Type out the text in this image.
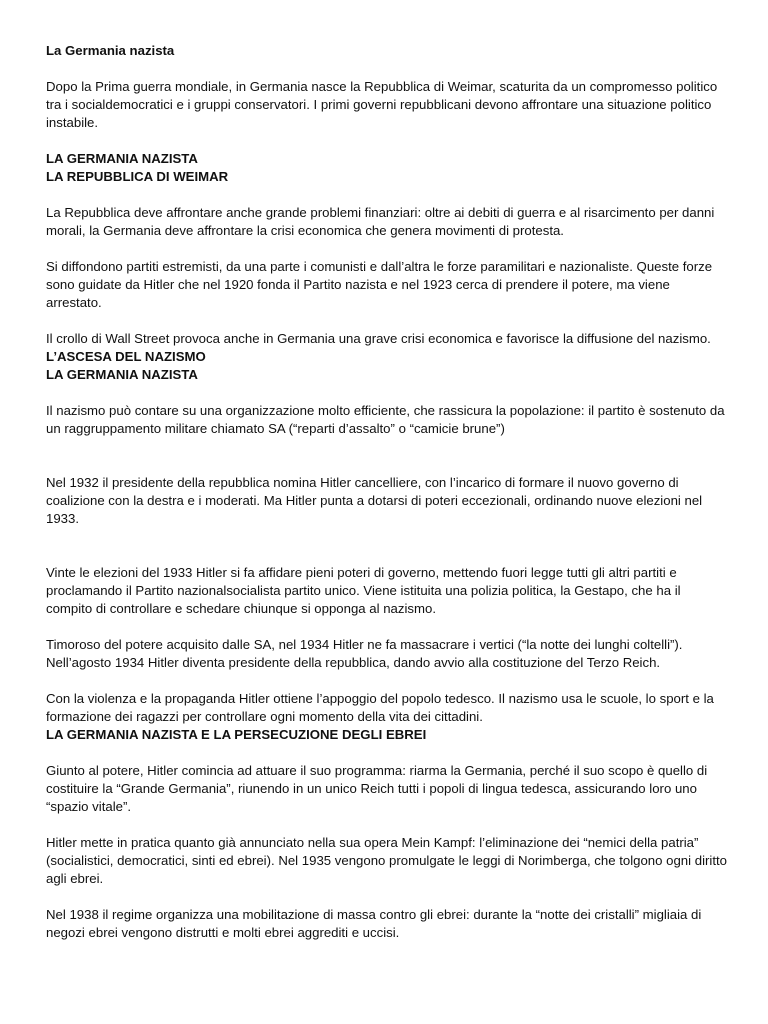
La Germania nazista

Dopo la Prima guerra mondiale, in Germania nasce la Repubblica di Weimar, scaturita da un compromesso politico tra i socialdemocratici e i gruppi conservatori. I primi governi repubblicani devono affrontare una situazione politico instabile.

LA GERMANIA NAZISTA

LA REPUBBLICA DI WEIMAR

La Repubblica deve affrontare anche grande problemi finanziari: oltre ai debiti di guerra e al risarcimento per danni morali, la Germania deve affrontare la crisi economica che genera movimenti di protesta.

Si diffondono partiti estremisti, da una parte i comunisti e dall’altra le forze paramilitari e nazionaliste. Queste forze sono guidate da Hitler che nel 1920 fonda il Partito nazista e nel 1923 cerca di prendere il potere, ma viene arrestato.

Il crollo di Wall Street provoca anche in Germania una grave crisi economica e favorisce la diffusione del nazismo.

L’ASCESA DEL NAZISMO

LA GERMANIA NAZISTA

Il nazismo può contare su una organizzazione molto efficiente, che rassicura la popolazione: il partito è sostenuto da un raggruppamento militare chiamato SA (“reparti d’assalto” o “camicie brune”)

Nel 1932 il presidente della repubblica nomina Hitler cancelliere, con l’incarico di formare il nuovo governo di coalizione con la destra e i moderati. Ma Hitler punta a dotarsi di poteri eccezionali, ordinando nuove elezioni nel 1933.

Vinte le elezioni del 1933 Hitler si fa affidare pieni poteri di governo, mettendo fuori legge tutti gli altri partiti e proclamando il Partito nazionalsocialista partito unico. Viene istituita una polizia politica, la Gestapo, che ha il compito di controllare e schedare chiunque si opponga al nazismo.

Timoroso del potere acquisito dalle SA, nel 1934 Hitler ne fa massacrare i vertici (“la notte dei lunghi coltelli”). Nell’agosto 1934 Hitler diventa presidente della repubblica, dando avvio alla costituzione del Terzo Reich.

Con la violenza e la propaganda Hitler ottiene l’appoggio del popolo tedesco. Il nazismo usa le scuole, lo sport e la formazione dei ragazzi per controllare ogni momento della vita dei cittadini.

LA GERMANIA NAZISTA E LA PERSECUZIONE DEGLI EBREI

Giunto al potere, Hitler comincia ad attuare il suo programma: riarma la Germania, perché il suo scopo è quello di costituire la “Grande Germania”, riunendo in un unico Reich tutti i popoli di lingua tedesca, assicurando loro uno “spazio vitale”.

Hitler mette in pratica quanto già annunciato nella sua opera Mein Kampf: l’eliminazione dei “nemici della patria” (socialistici, democratici, sinti ed ebrei). Nel 1935 vengono promulgate le leggi di Norimberga, che tolgono ogni diritto agli ebrei.

Nel 1938 il regime organizza una mobilitazione di massa contro gli ebrei: durante la “notte dei cristalli” migliaia di negozi ebrei vengono distrutti e molti ebrei aggrediti e uccisi.
